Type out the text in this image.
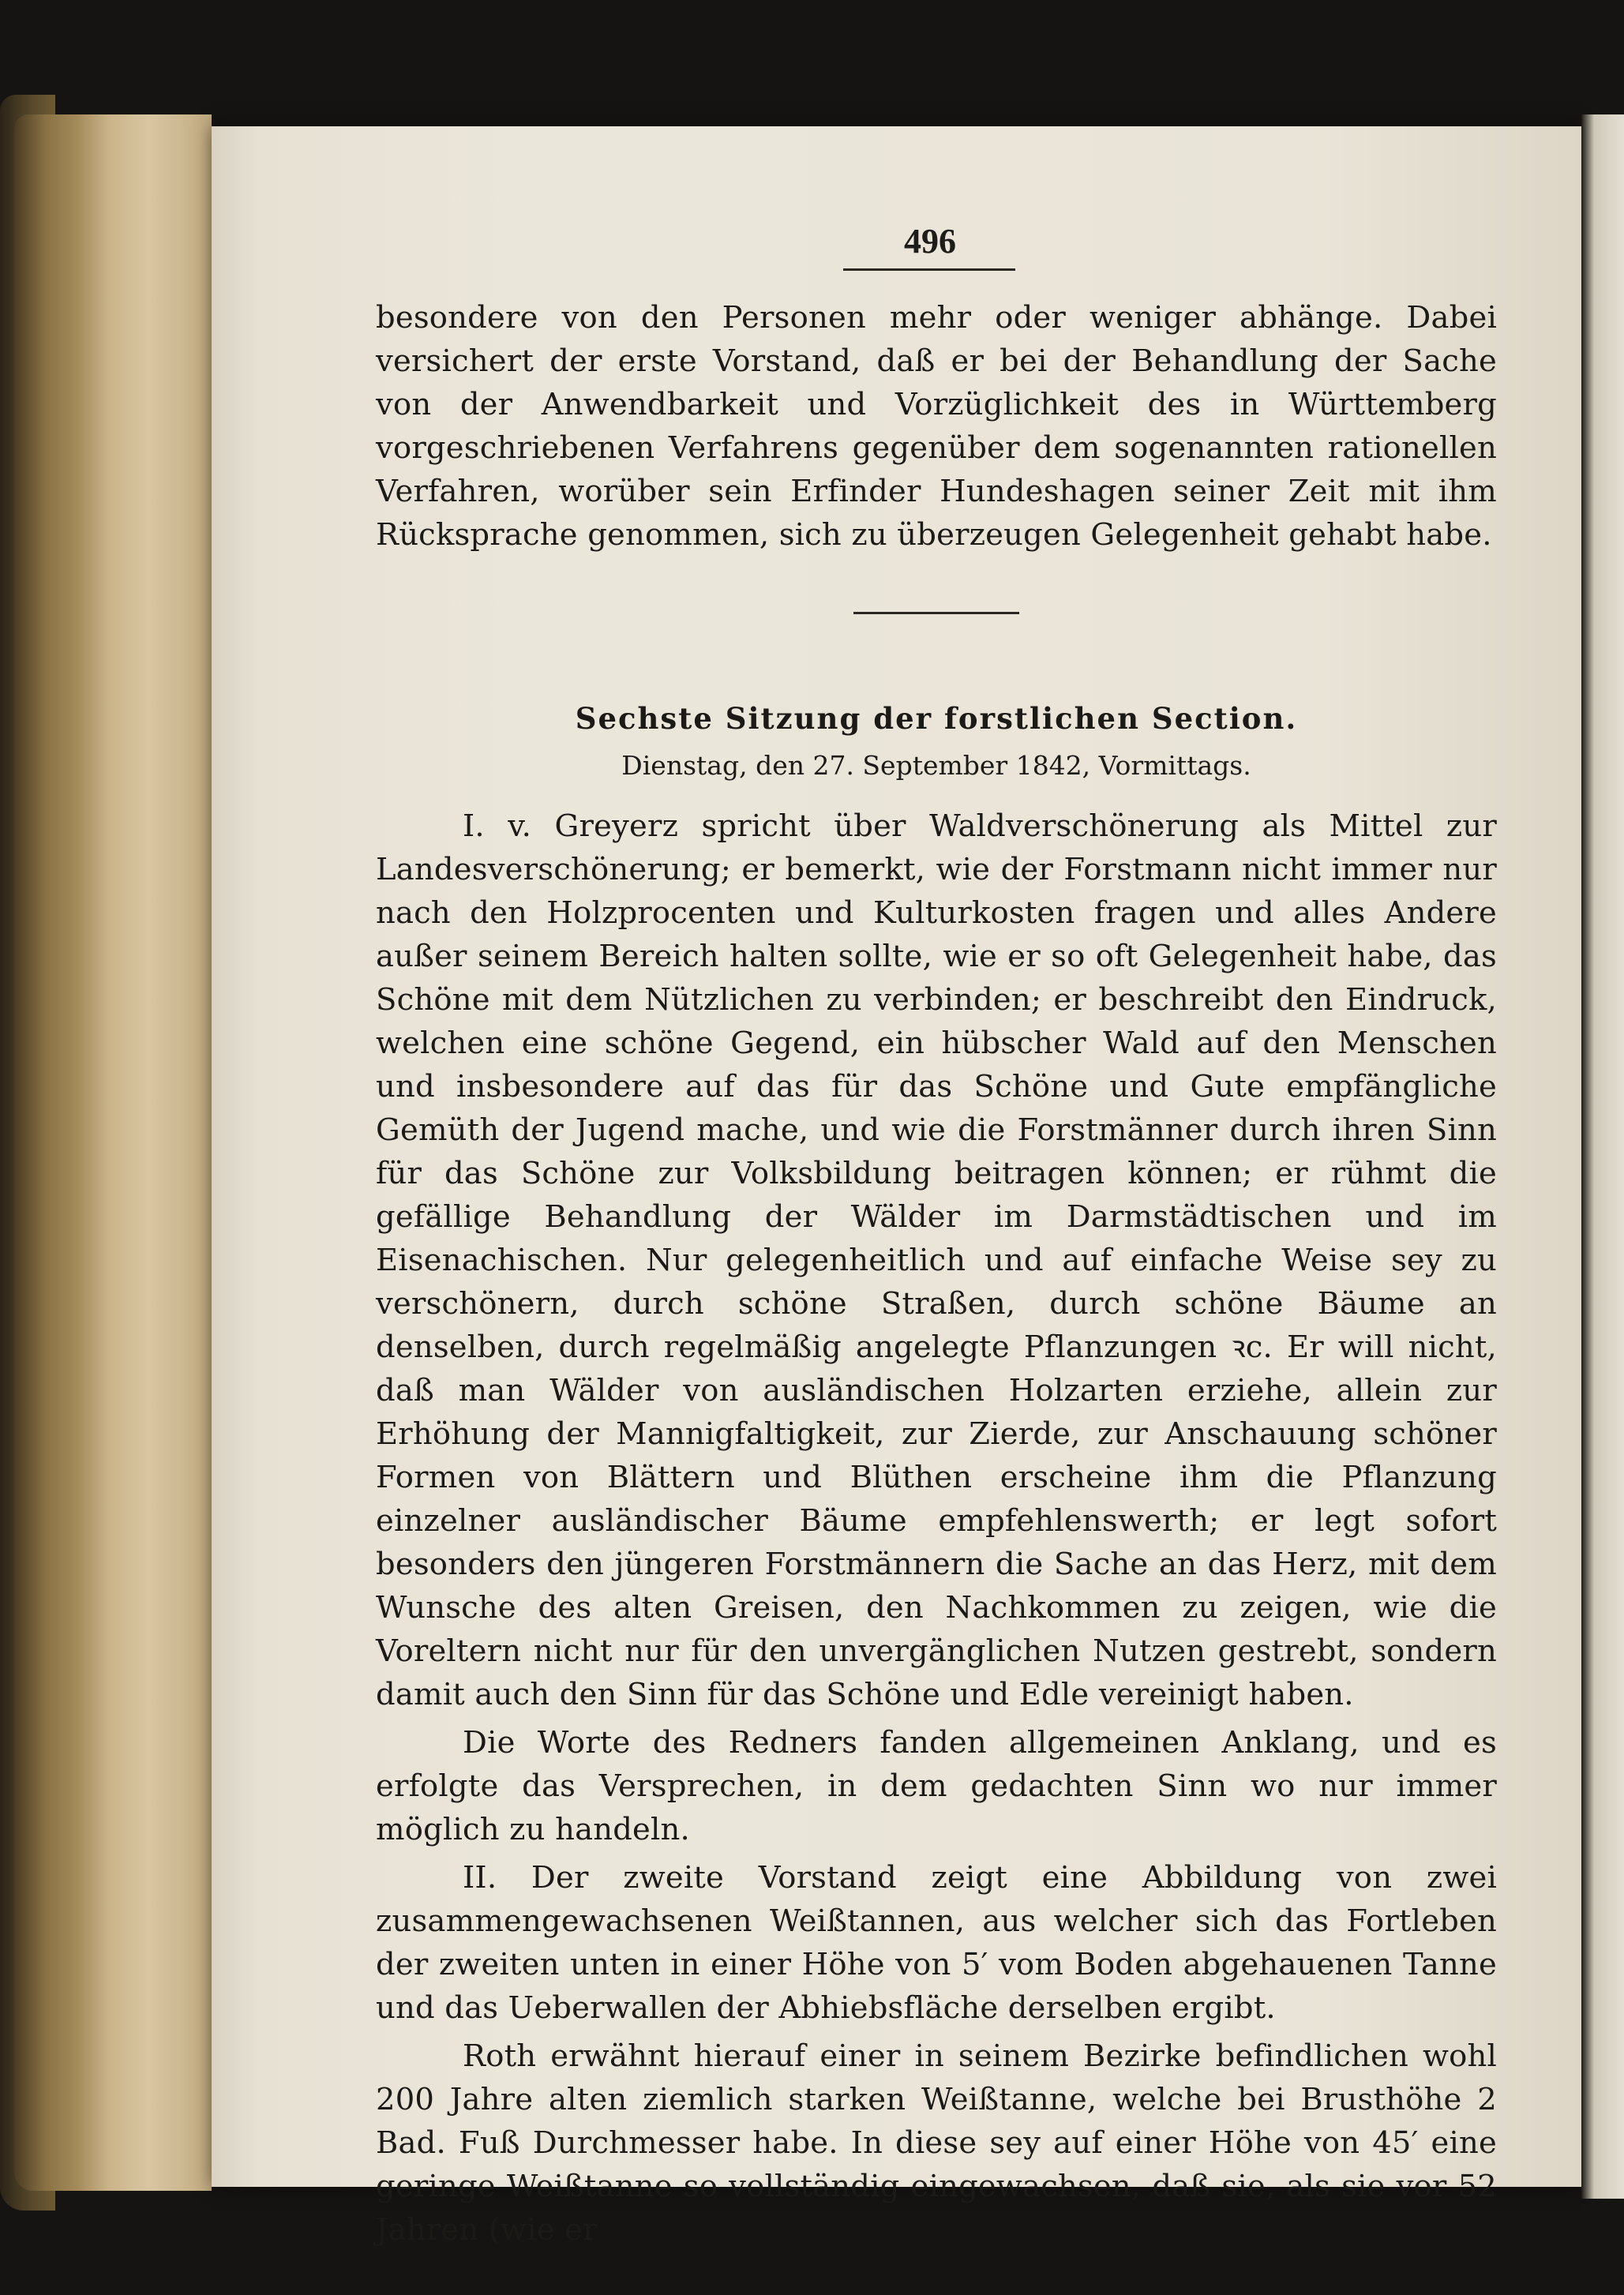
496

besondere von den Personen mehr oder weniger abhänge. Dabei versichert der erste Vorstand, daß er bei der Behandlung der Sache von der Anwendbarkeit und Vorzüglichkeit des in Württemberg vorgeschriebenen Verfahrens gegenüber dem sogenannten rationellen Verfahren, worüber sein Erfinder Hundeshagen seiner Zeit mit ihm Rücksprache genommen, sich zu überzeugen Gelegenheit gehabt habe.

Sechste Sitzung der forstlichen Section.

Dienstag, den 27. September 1842, Vormittags.

I. v. Greyerz spricht über Waldverschönerung als Mittel zur Landesverschönerung; er bemerkt, wie der Forstmann nicht immer nur nach den Holzprocenten und Kulturkosten fragen und alles Andere außer seinem Bereich halten sollte, wie er so oft Gelegenheit habe, das Schöne mit dem Nützlichen zu verbinden; er beschreibt den Eindruck, welchen eine schöne Gegend, ein hübscher Wald auf den Menschen und insbesondere auf das für das Schöne und Gute empfängliche Gemüth der Jugend mache, und wie die Forstmänner durch ihren Sinn für das Schöne zur Volksbildung beitragen können; er rühmt die gefällige Behandlung der Wälder im Darmstädtischen und im Eisenachischen. Nur gelegenheitlich und auf einfache Weise sey zu verschönern, durch schöne Straßen, durch schöne Bäume an denselben, durch regelmäßig angelegte Pflanzungen ꝛc. Er will nicht, daß man Wälder von ausländischen Holzarten erziehe, allein zur Erhöhung der Mannigfaltigkeit, zur Zierde, zur Anschauung schöner Formen von Blättern und Blüthen erscheine ihm die Pflanzung einzelner ausländischer Bäume empfehlenswerth; er legt sofort besonders den jüngeren Forstmännern die Sache an das Herz, mit dem Wunsche des alten Greisen, den Nachkommen zu zeigen, wie die Voreltern nicht nur für den unvergänglichen Nutzen gestrebt, sondern damit auch den Sinn für das Schöne und Edle vereinigt haben.

Die Worte des Redners fanden allgemeinen Anklang, und es erfolgte das Versprechen, in dem gedachten Sinn wo nur immer möglich zu handeln.

II. Der zweite Vorstand zeigt eine Abbildung von zwei zusammengewachsenen Weißtannen, aus welcher sich das Fortleben der zweiten unten in einer Höhe von 5′ vom Boden abgehauenen Tanne und das Ueberwallen der Abhiebsfläche derselben ergibt.

Roth erwähnt hierauf einer in seinem Bezirke befindlichen wohl 200 Jahre alten ziemlich starken Weißtanne, welche bei Brusthöhe 2 Bad. Fuß Durchmesser habe. In diese sey auf einer Höhe von 45′ eine geringe Weißtanne so vollständig eingewachsen, daß sie, als sie vor 52 Jahren (wie er
